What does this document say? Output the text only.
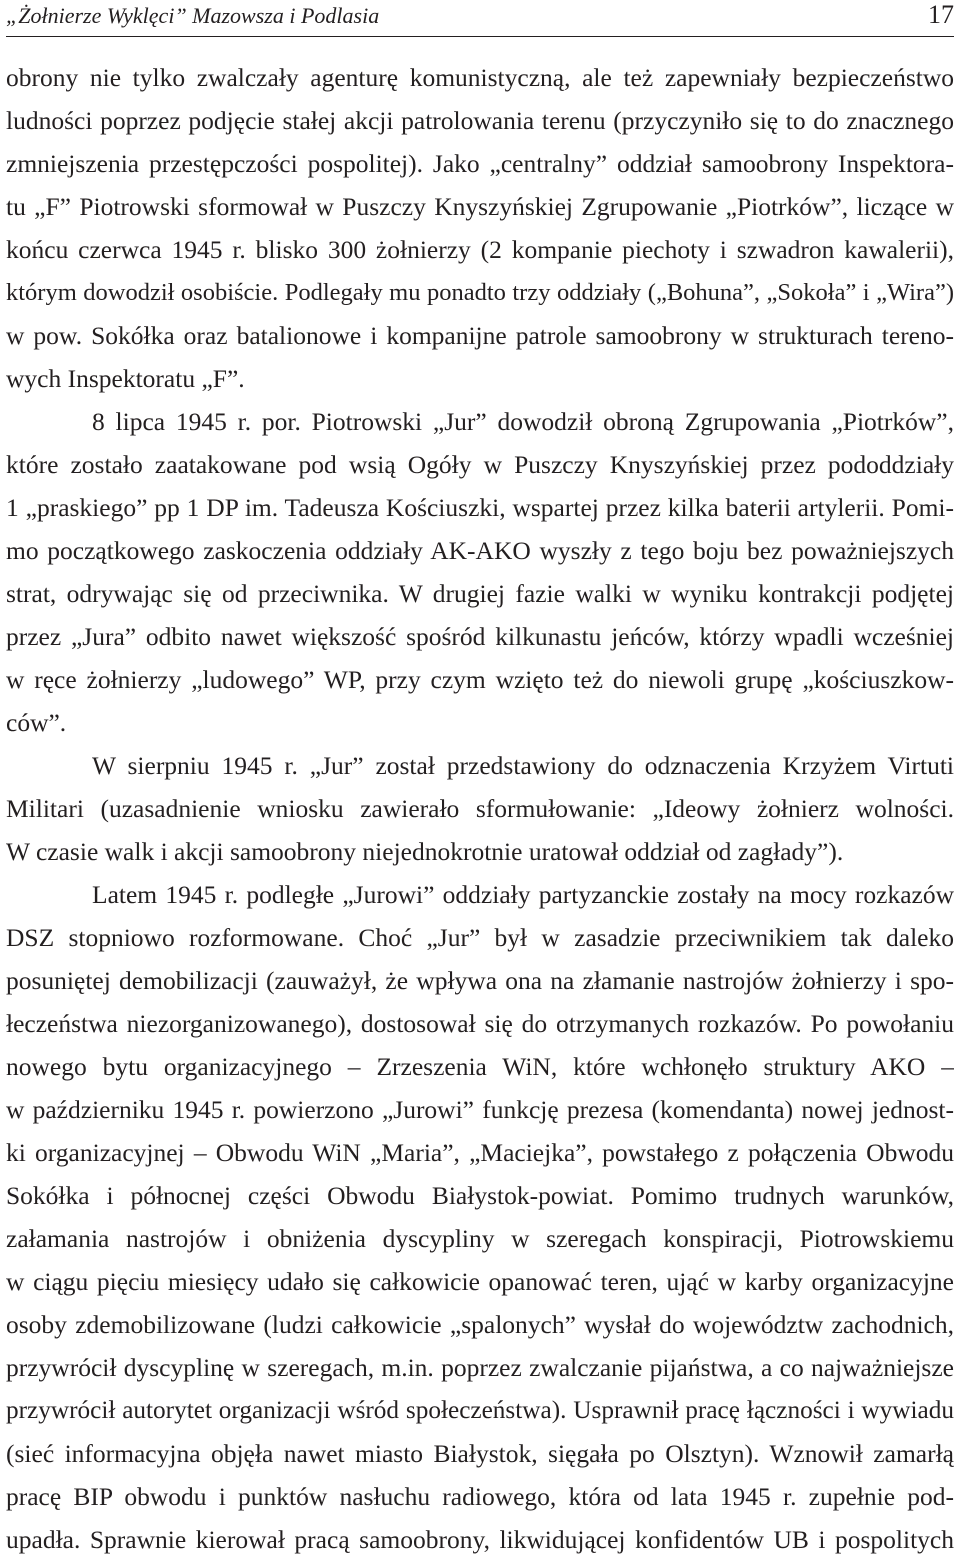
„Żołnierze Wyklęci” Mazowsza i Podlasia	17
obrony nie tylko zwalczały agenturę komunistyczną, ale też zapewniały bezpieczeństwo
ludności poprzez podjęcie stałej akcji patrolowania terenu (przyczyniło się to do znacznego
zmniejszenia przestępczości pospolitej). Jako „centralny” oddział samoobrony Inspektora-
tu „F” Piotrowski sformował w Puszczy Knyszyńskiej Zgrupowanie „Piotrków”, liczące w
końcu czerwca 1945 r. blisko 300 żołnierzy (2 kompanie piechoty i szwadron kawalerii),
którym dowodził osobiście. Podlegały mu ponadto trzy oddziały („Bohuna”, „Sokoła” i „Wira”)
w pow. Sokółka oraz batalionowe i kompanijne patrole samoobrony w strukturach tereno-
wych Inspektoratu „F”.
8 lipca 1945 r. por. Piotrowski „Jur” dowodził obroną Zgrupowania „Piotrków”,
które zostało zaatakowane pod wsią Ogóły w Puszczy Knyszyńskiej przez pododdziały
1 „praskiego” pp 1 DP im. Tadeusza Kościuszki, wspartej przez kilka baterii artylerii. Pomi-
mo początkowego zaskoczenia oddziały AK-AKO wyszły z tego boju bez poważniejszych
strat, odrywając się od przeciwnika. W drugiej fazie walki w wyniku kontrakcji podjętej
przez „Jura” odbito nawet większość spośród kilkunastu jeńców, którzy wpadli wcześniej
w ręce żołnierzy „ludowego” WP, przy czym wzięto też do niewoli grupę „kościuszkow-
ców”.
W sierpniu 1945 r. „Jur” został przedstawiony do odznaczenia Krzyżem Virtuti
Militari (uzasadnienie wniosku zawierało sformułowanie: „Ideowy żołnierz wolności.
W czasie walk i akcji samoobrony niejednokrotnie uratował oddział od zagłady”).
Latem 1945 r. podległe „Jurowi” oddziały partyzanckie zostały na mocy rozkazów
DSZ stopniowo rozformowane. Choć „Jur” był w zasadzie przeciwnikiem tak daleko
posuniętej demobilizacji (zauważył, że wpływa ona na złamanie nastrojów żołnierzy i spo-
łeczeństwa niezorganizowanego), dostosował się do otrzymanych rozkazów. Po powołaniu
nowego bytu organizacyjnego – Zrzeszenia WiN, które wchłonęło struktury AKO –
w październiku 1945 r. powierzono „Jurowi” funkcję prezesa (komendanta) nowej jednost-
ki organizacyjnej – Obwodu WiN „Maria”, „Maciejka”, powstałego z połączenia Obwodu
Sokółka i północnej części Obwodu Białystok-powiat. Pomimo trudnych warunków,
załamania nastrojów i obniżenia dyscypliny w szeregach konspiracji, Piotrowskiemu
w ciągu pięciu miesięcy udało się całkowicie opanować teren, ująć w karby organizacyjne
osoby zdemobilizowane (ludzi całkowicie „spalonych” wysłał do województw zachodnich,
przywrócił dyscyplinę w szeregach, m.in. poprzez zwalczanie pijaństwa, a co najważniejsze
przywrócił autorytet organizacji wśród społeczeństwa). Usprawnił pracę łączności i wywiadu
(sieć informacyjna objęła nawet miasto Białystok, sięgała po Olsztyn). Wznowił zamarłą
pracę BIP obwodu i punktów nasłuchu radiowego, która od lata 1945 r. zupełnie pod-
upadła. Sprawnie kierował pracą samoobrony, likwidującej konfidentów UB i pospolitych
